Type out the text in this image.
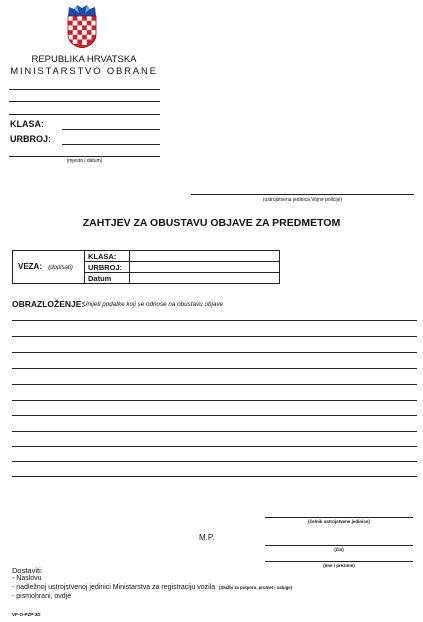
REPUBLIKA HRVATSKA
MINISTARSTVO OBRANE
KLASA:
URBROJ:
(mjesto i datum)
(ustrojstvena jedinica Vojne policije)
ZAHTJEV ZA OBUSTAVU OBJAVE ZA PREDMETOM
VEZA: (dopisati)
KLASA:
URBROJ:
Datum
OBRAZLOŽENJE:
Unijeti podatke koji se odnose na obustavu objave
(čelnik ustrojstvene jedinice)
M.P.
(čin)
(ime i prezime)
Dostaviti:
- Naslovu
- nadležnoj ustrojstvenoj jedinici Ministarstva za registraciju vozila (Službi za potporu, promet i usluge)
- pismohrani, ovdje
VP-O-PZP-3D
